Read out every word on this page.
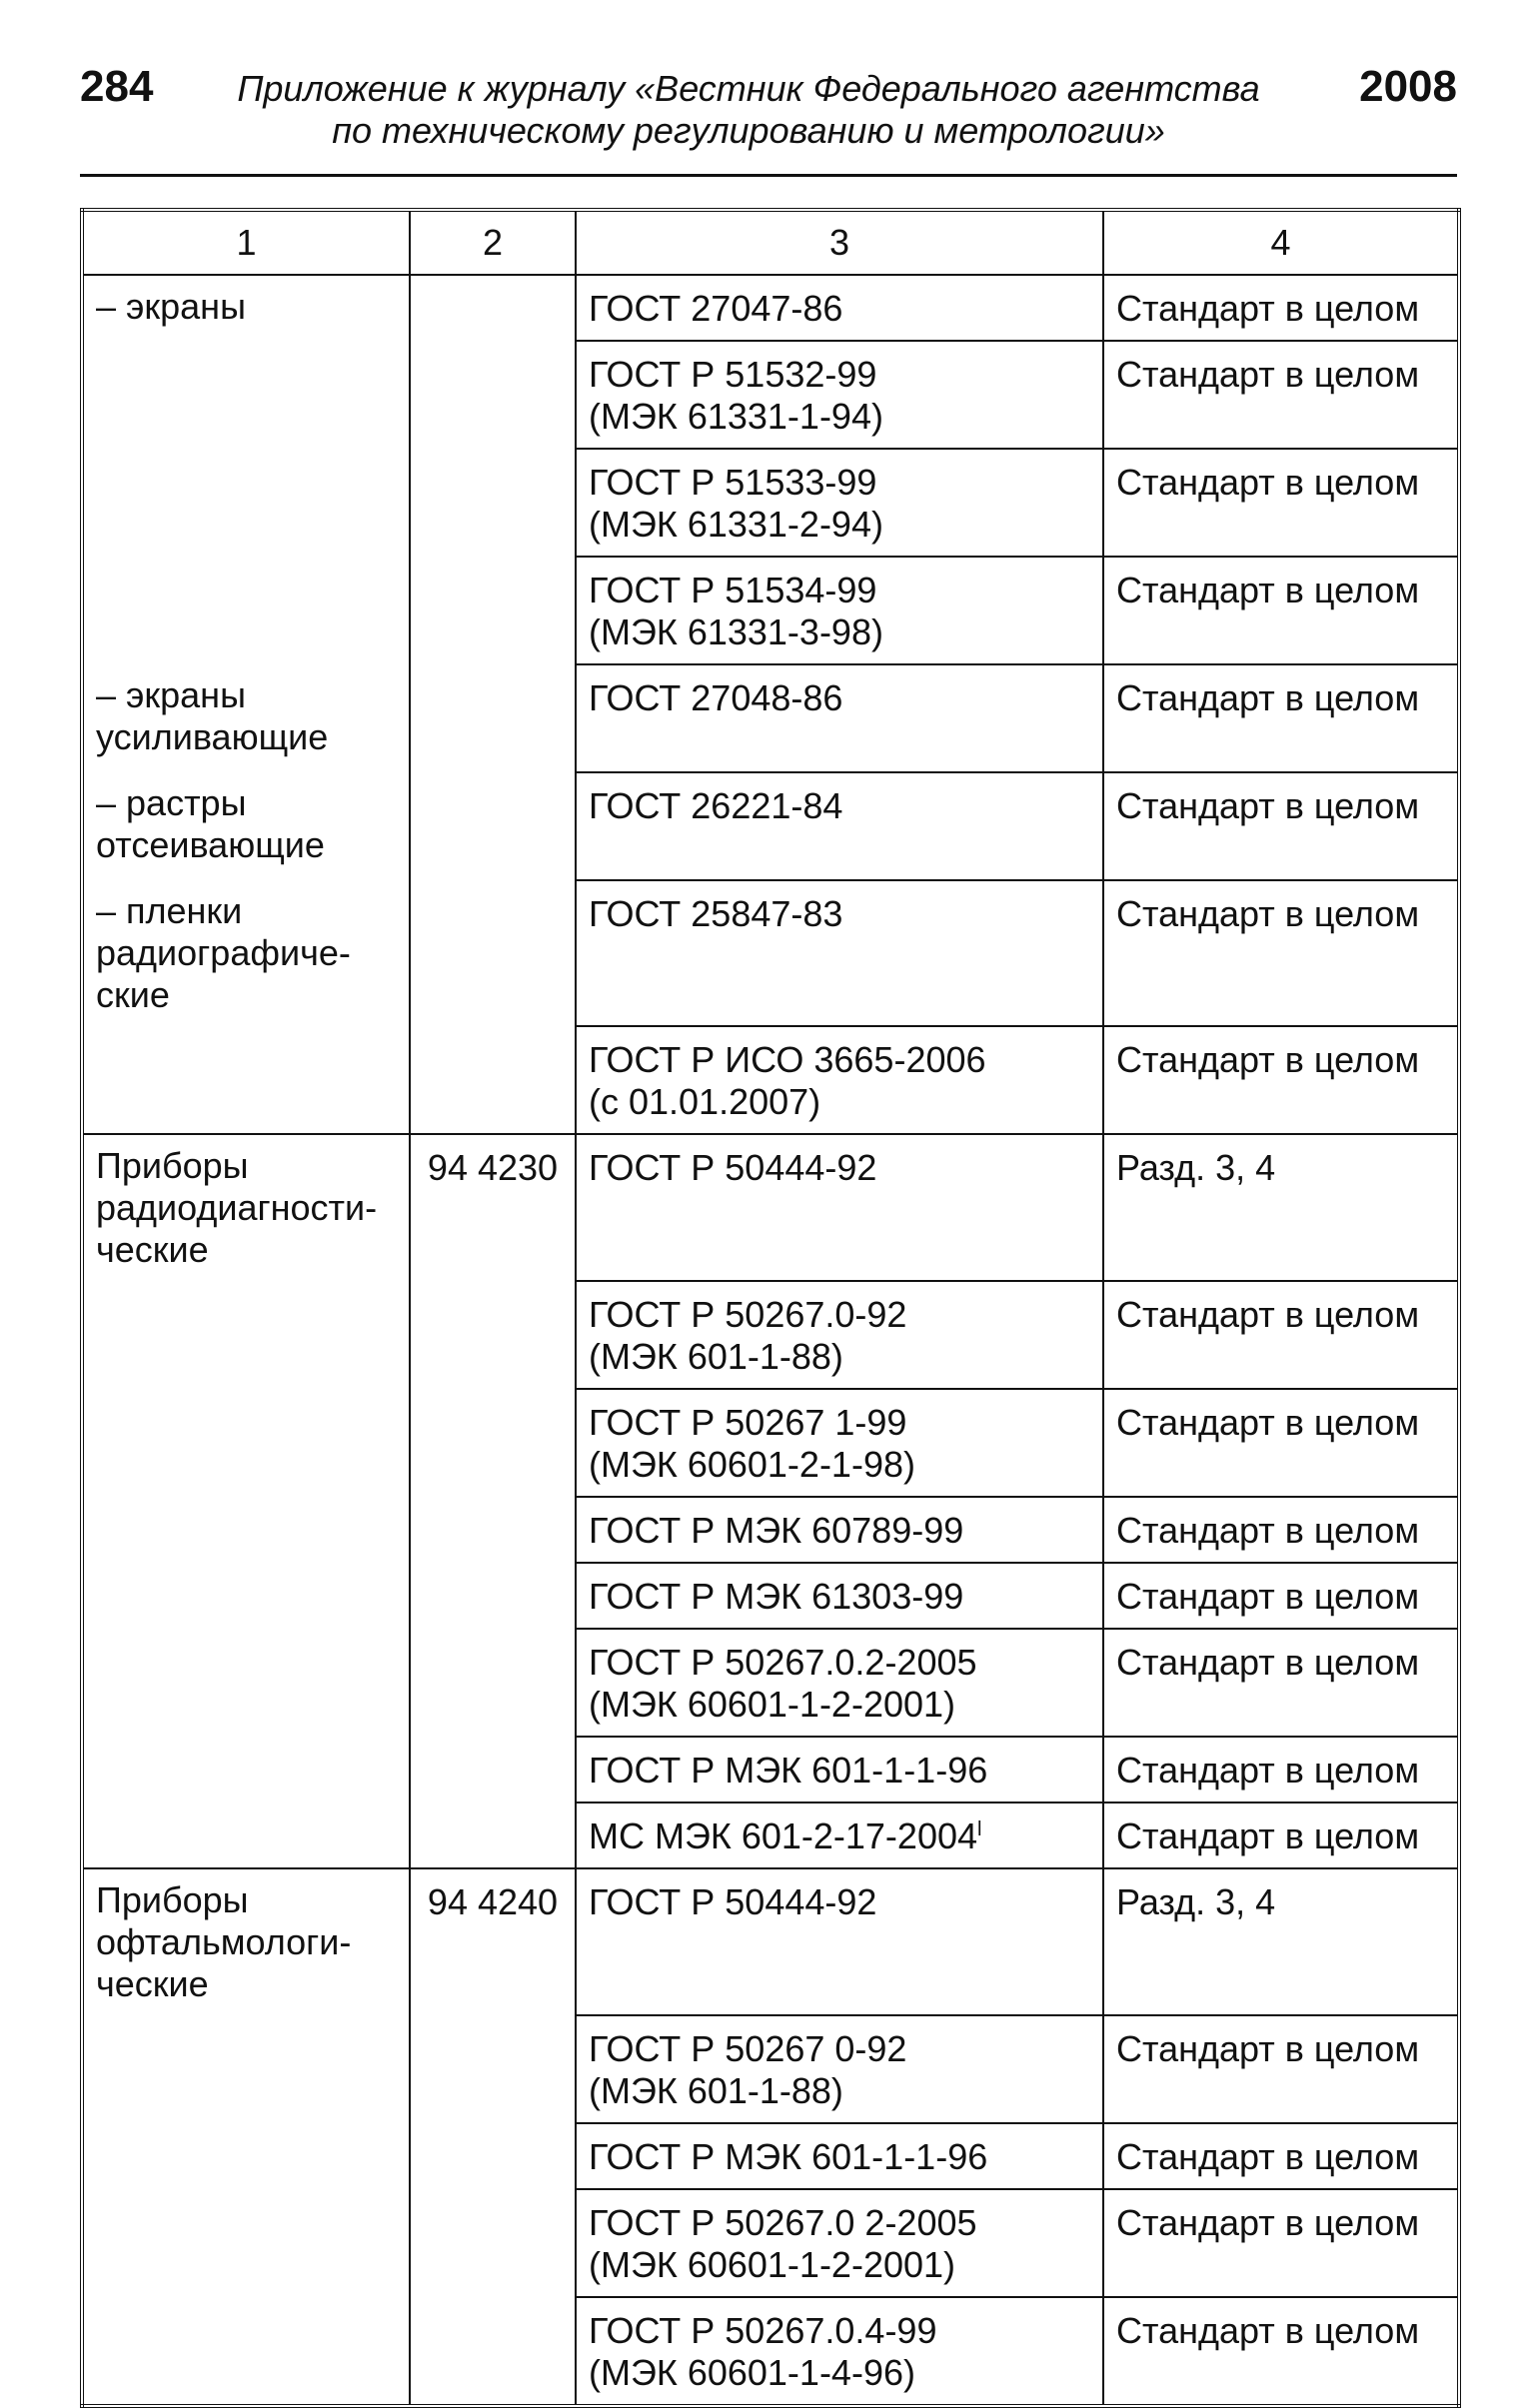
284	Приложение к журналу «Вестник Федерального агентства
по техническому регулированию и метрологии»
2008
1	2	3	4
– экраны		ГОСТ 27047-86	Стандарт в целом

		ГОСТ Р 51532-99
(МЭК 61331-1-94)	Стандарт в целом

		ГОСТ Р 51533-99
(МЭК 61331-2-94)	Стандарт в целом

		ГОСТ Р 51534-99
(МЭК 61331-3-98)	Стандарт в целом
– экраны усиливающие		ГОСТ 27048-86	Стандарт в целом
– растры отсеивающие		ГОСТ 26221-84	Стандарт в целом
– пленки радиографиче-ские		ГОСТ 25847-83	Стандарт в целом

		ГОСТ Р ИСО 3665-2006
(с 01.01.2007)	Стандарт в целом
Приборы радиодиагности-ческие	94 4230	ГОСТ Р 50444-92	Разд. 3, 4

		ГОСТ Р 50267.0-92
(МЭК 601-1-88)	Стандарт в целом

		ГОСТ Р 50267 1-99
(МЭК 60601-2-1-98)	Стандарт в целом

		ГОСТ Р МЭК 60789-99	Стандарт в целом

		ГОСТ Р МЭК 61303-99	Стандарт в целом

		ГОСТ Р 50267.0.2-2005
(МЭК 60601-1-2-2001)	Стандарт в целом

		ГОСТ Р МЭК 601-1-1-96	Стандарт в целом

		МС МЭК 601-2-17-2004$^l$	Стандарт в целом
Приборы офтальмологи-ческие	94 4240	ГОСТ Р 50444-92	Разд. 3, 4

		ГОСТ Р 50267 0-92
(МЭК 601-1-88)	Стандарт в целом

		ГОСТ Р МЭК 601-1-1-96	Стандарт в целом

		ГОСТ Р 50267.0 2-2005
(МЭК 60601-1-2-2001)	Стандарт в целом

		ГОСТ Р 50267.0.4-99
(МЭК 60601-1-4-96)	Стандарт в целом
